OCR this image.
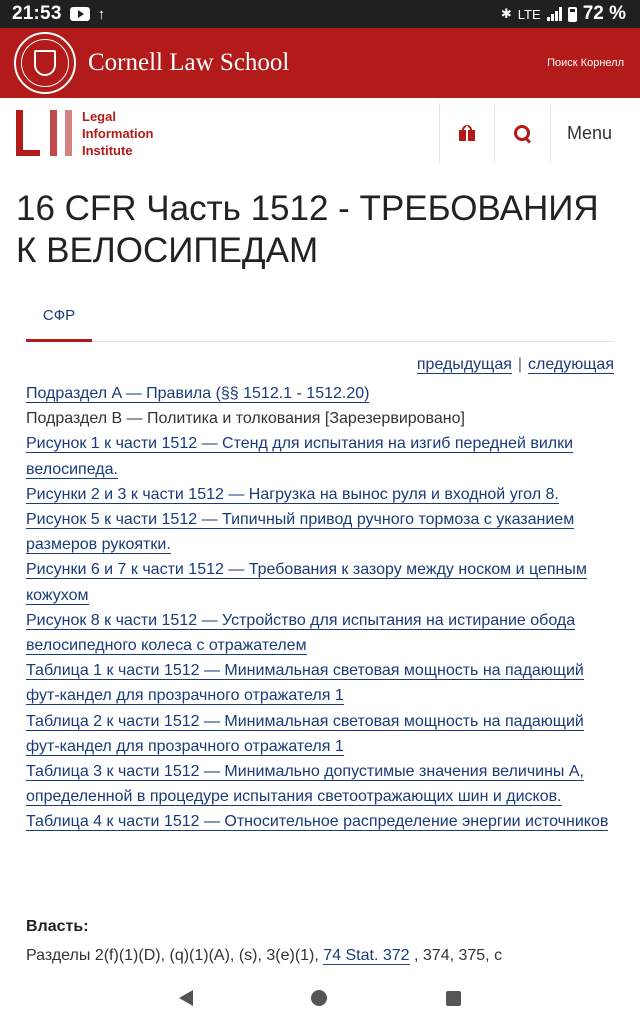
21:53 ↑	✱ LTE 72 %
Cornell Law School	Поиск Корнелл
Legal
Information
Institute
Menu
16 CFR Часть 1512 - ТРЕБОВАНИЯ К ВЕЛОСИПЕДАМ
СФР
предыдущая | следующая
Подраздел A — Правила (§§ 1512.1 - 1512.20)
Подраздел B — Политика и толкования [Зарезервировано]
Рисунок 1 к части 1512 — Стенд для испытания на изгиб передней вилки велосипеда.
Рисунки 2 и 3 к части 1512 — Нагрузка на вынос руля и входной угол 8.
Рисунок 5 к части 1512 — Типичный привод ручного тормоза с указанием размеров рукоятки.
Рисунки 6 и 7 к части 1512 — Требования к зазору между носком и цепным кожухом
Рисунок 8 к части 1512 — Устройство для испытания на истирание обода велосипедного колеса с отражателем
Таблица 1 к части 1512 — Минимальная световая мощность на падающий фут-кандел для прозрачного отражателя 1
Таблица 2 к части 1512 — Минимальная световая мощность на падающий фут-кандел для прозрачного отражателя 1
Таблица 3 к части 1512 — Минимально допустимые значения величины A, определенной в процедуре испытания светоотражающих шин и дисков.
Таблица 4 к части 1512 — Относительное распределение энергии источников
Власть:
Разделы 2(f)(1)(D), (q)(1)(A), (s), 3(e)(1), 74 Stat. 372 , 374, 375, с
